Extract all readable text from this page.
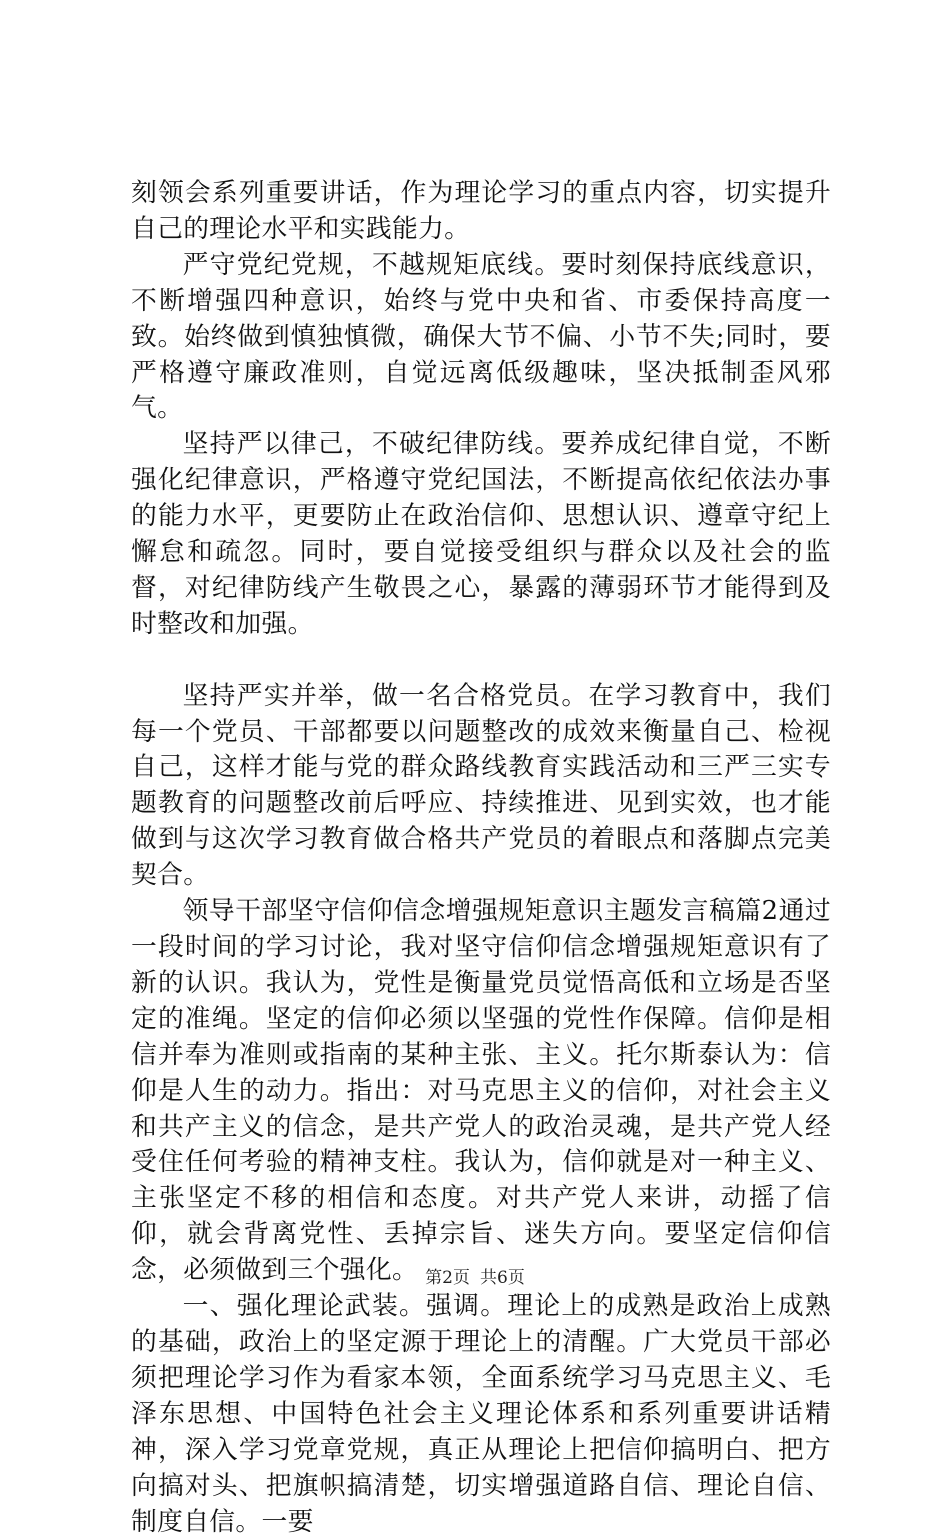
刻领会系列重要讲话，作为理论学习的重点内容，切实提升自己的理论水平和实践能力。

严守党纪党规，不越规矩底线。要时刻保持底线意识，不断增强四种意识，始终与党中央和省、市委保持高度一致。始终做到慎独慎微，确保大节不偏、小节不失;同时，要严格遵守廉政准则，自觉远离低级趣味，坚决抵制歪风邪气。

坚持严以律己，不破纪律防线。要养成纪律自觉，不断强化纪律意识，严格遵守党纪国法，不断提高依纪依法办事的能力水平，更要防止在政治信仰、思想认识、遵章守纪上懈怠和疏忽。同时，要自觉接受组织与群众以及社会的监督，对纪律防线产生敬畏之心，暴露的薄弱环节才能得到及时整改和加强。

坚持严实并举，做一名合格党员。在学习教育中，我们每一个党员、干部都要以问题整改的成效来衡量自己、检视自己，这样才能与党的群众路线教育实践活动和三严三实专题教育的问题整改前后呼应、持续推进、见到实效，也才能做到与这次学习教育做合格共产党员的着眼点和落脚点完美契合。

领导干部坚守信仰信念增强规矩意识主题发言稿篇2通过一段时间的学习讨论，我对坚守信仰信念增强规矩意识有了新的认识。我认为，党性是衡量党员觉悟高低和立场是否坚定的准绳。坚定的信仰必须以坚强的党性作保障。信仰是相信并奉为准则或指南的某种主张、主义。托尔斯泰认为：信仰是人生的动力。指出：对马克思主义的信仰，对社会主义和共产主义的信念，是共产党人的政治灵魂，是共产党人经受住任何考验的精神支柱。我认为，信仰就是对一种主义、主张坚定不移的相信和态度。对共产党人来讲，动摇了信仰，就会背离党性、丢掉宗旨、迷失方向。要坚定信仰信念，必须做到三个强化。

一、强化理论武装。强调。理论上的成熟是政治上成熟的基础，政治上的坚定源于理论上的清醒。广大党员干部必须把理论学习作为看家本领，全面系统学习马克思主义、毛泽东思想、中国特色社会主义理论体系和系列重要讲话精神，深入学习党章党规，真正从理论上把信仰搞明白、把方向搞对头、把旗帜搞清楚，切实增强道路自信、理论自信、制度自信。一要

第2页 共6页
